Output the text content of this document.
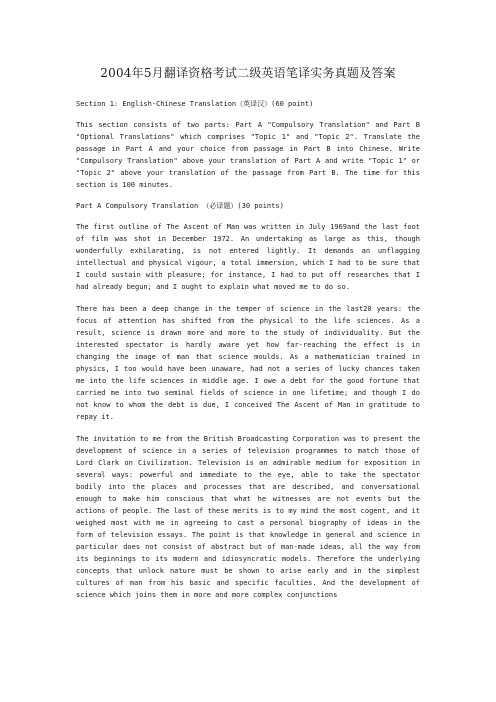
2004年5月翻译资格考试二级英语笔译实务真题及答案

Section 1: English-Chinese Translation（英译汉）(60 point)

This section consists of two parts: Part A "Compulsory Translation" and Part B "Optional Translations" which comprises "Topic 1" and "Topic 2". Translate the passage in Part A and your choice from passage in Part B into Chinese. Write "Compulsory Translation" above your translation of Part A and write "Topic 1" or "Topic 2" above your translation of the passage from Part B. The time for this section is 100 minutes.

Part A Compulsory Translation （必译题）(30 points)

The first outline of The Ascent of Man was written in July 1969and the last foot of film was shot in December 1972. An undertaking as large as this, though wonderfully exhilarating, is not entered lightly. It demands an unflagging intellectual and physical vigour, a total immersion, which I had to be sure that I could sustain with pleasure; for instance, I had to put off researches that I had already begun; and I ought to explain what moved me to do so.

There has been a deep change in the temper of science in the last20 years: the focus of attention has shifted from the physical to the life sciences. As a result, science is drawn more and more to the study of individuality. But the interested spectator is hardly aware yet how far-reaching the effect is in changing the image of man that science moulds. As a mathematician trained in physics, I too would have been unaware, had not a series of lucky chances taken me into the life sciences in middle age. I owe a debt for the good fortune that carried me into two seminal fields of science in one lifetime; and though I do not know to whom the debt is due, I conceived The Ascent of Man in gratitude to repay it.

The invitation to me from the British Broadcasting Corporation was to present the development of science in a series of television programmes to match those of Lord Clark on Civilization. Television is an admirable medium for exposition in several ways: powerful and immediate to the eye, able to take the spectator bodily into the places and processes that are described, and conversational enough to make him conscious that what he witnesses are not events but the actions of people. The last of these merits is to my mind the most cogent, and it weighed most with me in agreeing to cast a personal biography of ideas in the form of television essays. The point is that knowledge in general and science in particular does not consist of abstract but of man-made ideas, all the way from its beginnings to its modern and idiosyncratic models. Therefore the underlying concepts that unlock nature must be shown to arise early and in the simplest cultures of man from his basic and specific faculties. And the development of science which joins them in more and more complex conjunctions
